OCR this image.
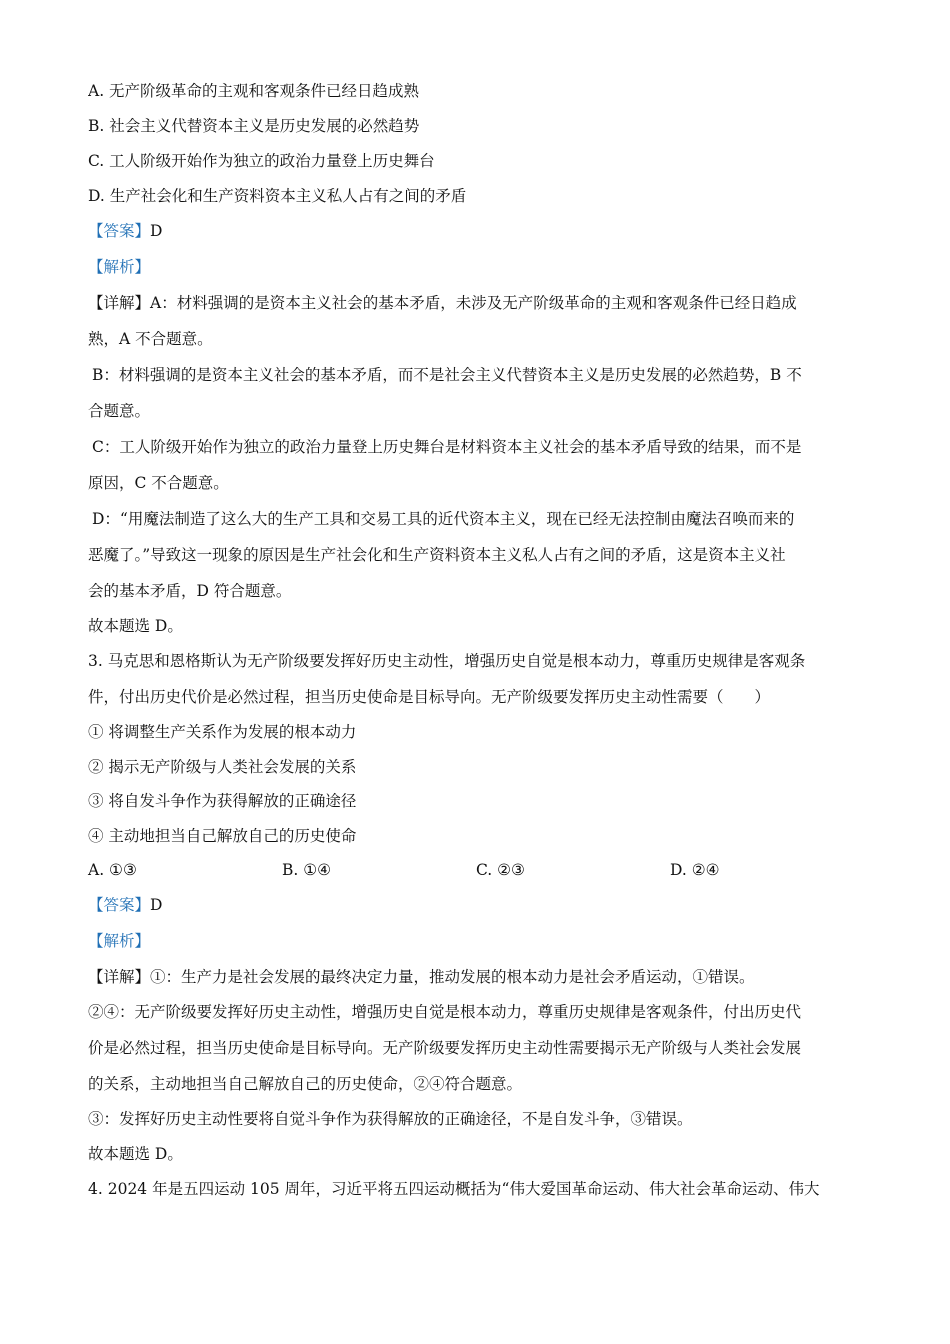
A. 无产阶级革命的主观和客观条件已经日趋成熟
B. 社会主义代替资本主义是历史发展的必然趋势
C. 工人阶级开始作为独立的政治力量登上历史舞台
D. 生产社会化和生产资料资本主义私人占有之间的矛盾
【答案】D
【解析】
【详解】A：材料强调的是资本主义社会的基本矛盾，未涉及无产阶级革命的主观和客观条件已经日趋成
熟，A 不合题意。
B：材料强调的是资本主义社会的基本矛盾，而不是社会主义代替资本主义是历史发展的必然趋势，B 不
合题意。
C：工人阶级开始作为独立的政治力量登上历史舞台是材料资本主义社会的基本矛盾导致的结果，而不是
原因，C 不合题意。
D：“用魔法制造了这么大的生产工具和交易工具的近代资本主义，现在已经无法控制由魔法召唤而来的
恶魔了。”导致这一现象的原因是生产社会化和生产资料资本主义私人占有之间的矛盾，这是资本主义社
会的基本矛盾，D 符合题意。
故本题选 D。
3. 马克思和恩格斯认为无产阶级要发挥好历史主动性，增强历史自觉是根本动力，尊重历史规律是客观条
件，付出历史代价是必然过程，担当历史使命是目标导向。无产阶级要发挥历史主动性需要（　　）
① 将调整生产关系作为发展的根本动力
② 揭示无产阶级与人类社会发展的关系
③ 将自发斗争作为获得解放的正确途径
④ 主动地担当自己解放自己的历史使命
A. ①③	B. ①④	C. ②③	D. ②④
【答案】D
【解析】
【详解】①：生产力是社会发展的最终决定力量，推动发展的根本动力是社会矛盾运动，①错误。
②④：无产阶级要发挥好历史主动性，增强历史自觉是根本动力，尊重历史规律是客观条件，付出历史代
价是必然过程，担当历史使命是目标导向。无产阶级要发挥历史主动性需要揭示无产阶级与人类社会发展
的关系，主动地担当自己解放自己的历史使命，②④符合题意。
③：发挥好历史主动性要将自觉斗争作为获得解放的正确途径，不是自发斗争，③错误。
故本题选 D。
4. 2024 年是五四运动 105 周年，习近平将五四运动概括为“伟大爱国革命运动、伟大社会革命运动、伟大
